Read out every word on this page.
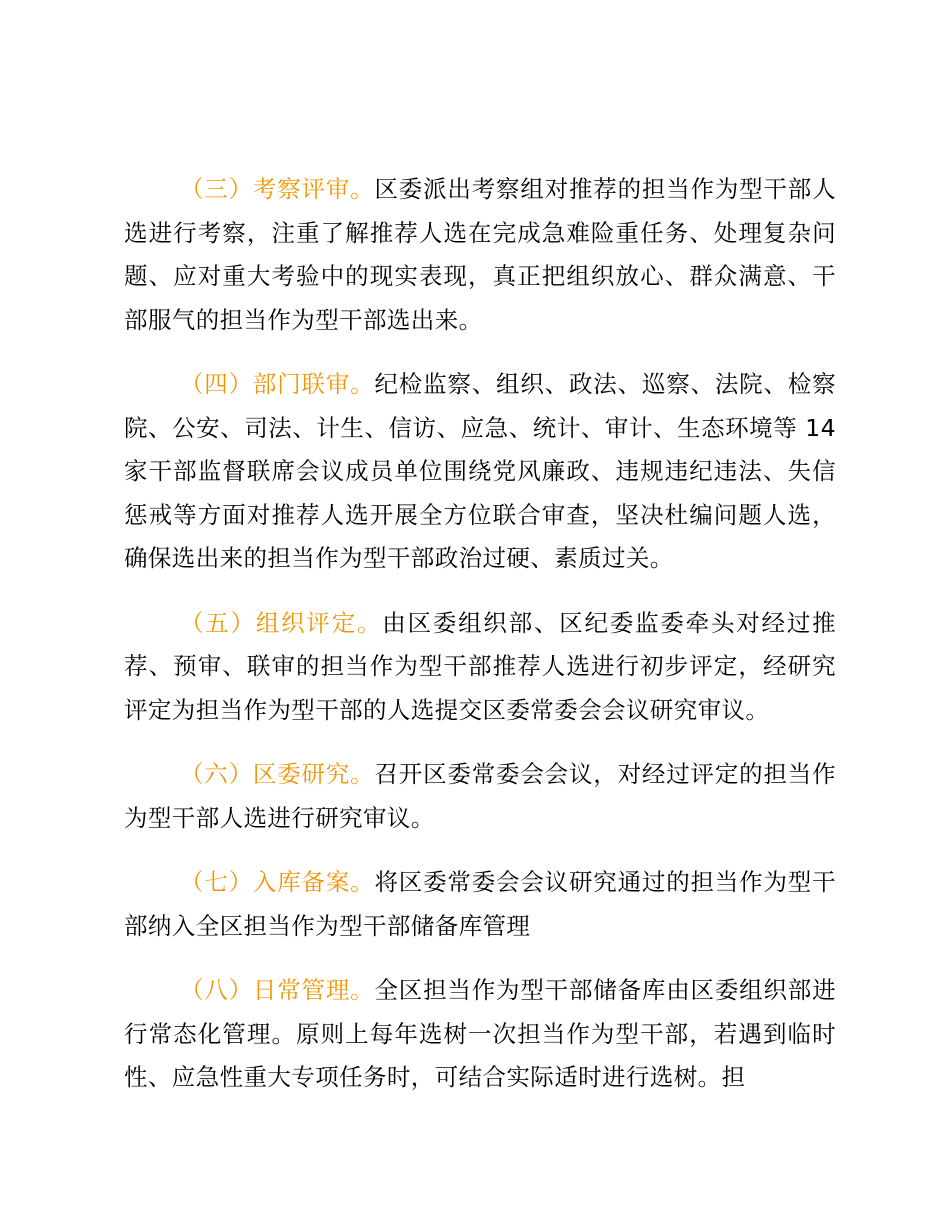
（三）考察评审。区委派出考察组对推荐的担当作为型干部人选进行考察，注重了解推荐人选在完成急难险重任务、处理复杂问题、应对重大考验中的现实表现，真正把组织放心、群众满意、干部服气的担当作为型干部选出来。

（四）部门联审。纪检监察、组织、政法、巡察、法院、检察院、公安、司法、计生、信访、应急、统计、审计、生态环境等 14 家干部监督联席会议成员单位围绕党风廉政、违规违纪违法、失信惩戒等方面对推荐人选开展全方位联合审查，坚决杜编问题人选，确保选出来的担当作为型干部政治过硬、素质过关。

（五）组织评定。由区委组织部、区纪委监委牵头对经过推荐、预审、联审的担当作为型干部推荐人选进行初步评定，经研究评定为担当作为型干部的人选提交区委常委会会议研究审议。

（六）区委研究。召开区委常委会会议，对经过评定的担当作为型干部人选进行研究审议。

（七）入库备案。将区委常委会会议研究通过的担当作为型干部纳入全区担当作为型干部储备库管理

（八）日常管理。全区担当作为型干部储备库由区委组织部进行常态化管理。原则上每年选树一次担当作为型干部，若遇到临时性、应急性重大专项任务时，可结合实际适时进行选树。担
